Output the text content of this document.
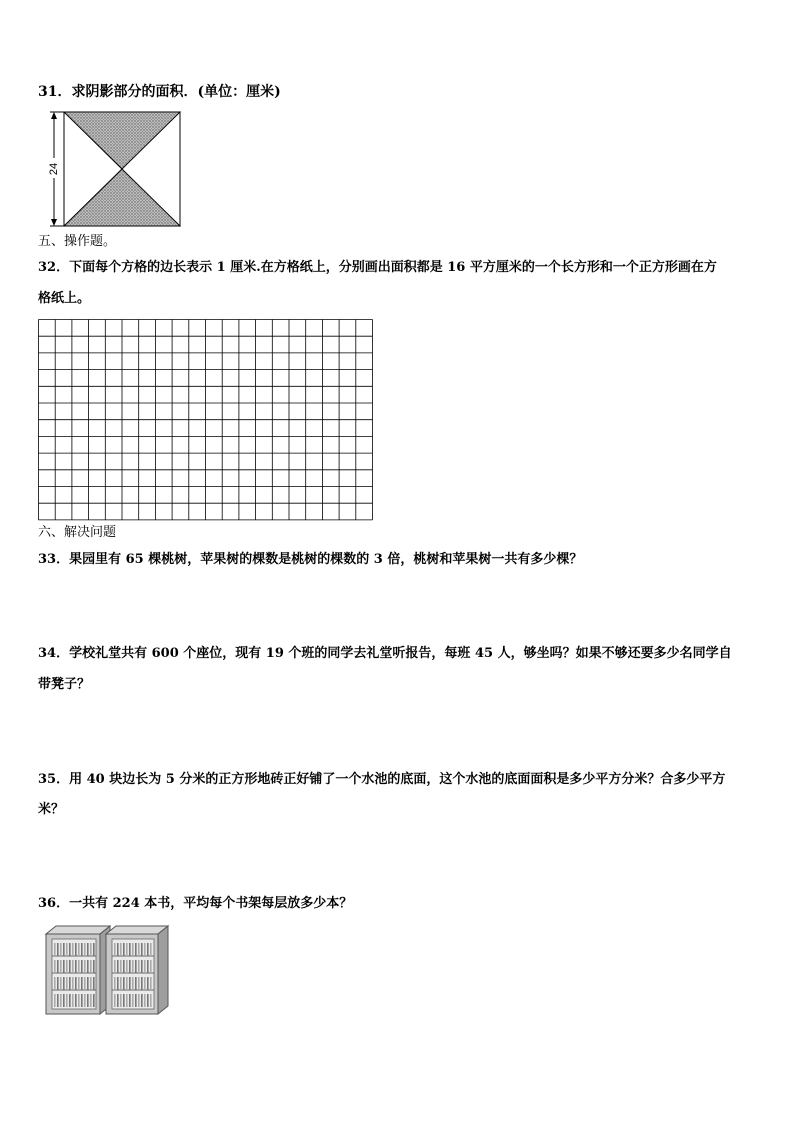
31．求阴影部分的面积．(单位：厘米)
24
五、操作题。
32．下面每个方格的边长表示 1 厘米.在方格纸上，分别画出面积都是 16 平方厘米的一个长方形和一个正方形画在方
格纸上。
六、解决问题
33．果园里有 65 棵桃树，苹果树的棵数是桃树的棵数的 3 倍，桃树和苹果树一共有多少棵？
34．学校礼堂共有 600 个座位，现有 19 个班的同学去礼堂听报告，每班 45 人，够坐吗？如果不够还要多少名同学自
带凳子？
35．用 40 块边长为 5 分米的正方形地砖正好铺了一个水池的底面，这个水池的底面面积是多少平方分米？合多少平方
米？
36．一共有 224 本书，平均每个书架每层放多少本？
